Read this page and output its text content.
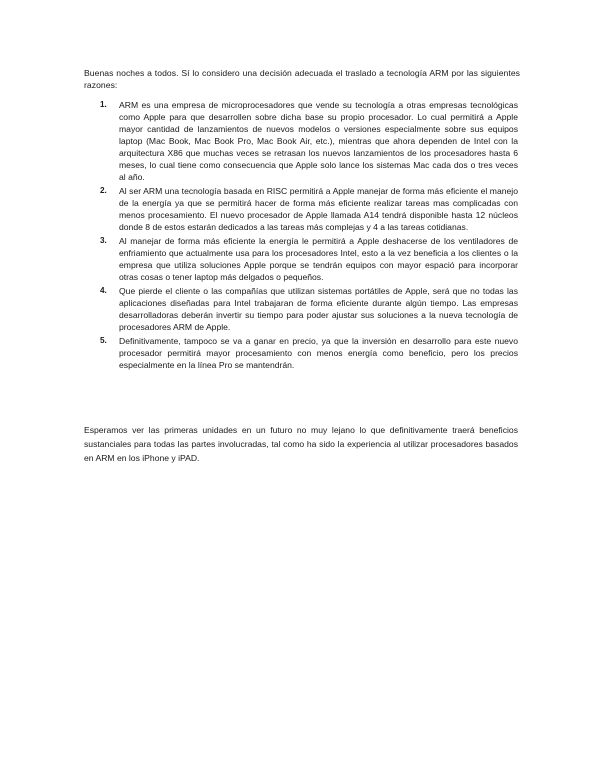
Buenas noches a todos. Sí lo considero una decisión adecuada el traslado a tecnología ARM por las siguientes razones:

1. ARM es una empresa de microprocesadores que vende su tecnología a otras empresas tecnológicas como Apple para que desarrollen sobre dicha base su propio procesador. Lo cual permitirá a Apple mayor cantidad de lanzamientos de nuevos modelos o versiones especialmente sobre sus equipos laptop (Mac Book, Mac Book Pro, Mac Book Air, etc.), mientras que ahora dependen de Intel con la arquitectura X86 que muchas veces se retrasan los nuevos lanzamientos de los procesadores hasta 6 meses, lo cual tiene como consecuencia que Apple solo lance los sistemas Mac cada dos o tres veces al año.
2. Al ser ARM una tecnología basada en RISC permitirá a Apple manejar de forma más eficiente el manejo de la energía ya que se permitirá hacer de forma más eficiente realizar tareas mas complicadas con menos procesamiento. El nuevo procesador de Apple llamada A14 tendrá disponible hasta 12 núcleos donde 8 de estos estarán dedicados a las tareas más complejas y 4 a las tareas cotidianas.
3. Al manejar de forma más eficiente la energía le permitirá a Apple deshacerse de los ventiladores de enfriamiento que actualmente usa para los procesadores Intel, esto a la vez beneficia a los clientes o la empresa que utiliza soluciones Apple porque se tendrán equipos con mayor espació para incorporar otras cosas o tener laptop más delgados o pequeños.
4. Que pierde el cliente o las compañías que utilizan sistemas portátiles de Apple, será que no todas las aplicaciones diseñadas para Intel trabajaran de forma eficiente durante algún tiempo. Las empresas desarrolladoras deberán invertir su tiempo para poder ajustar sus soluciones a la nueva tecnología de procesadores ARM de Apple.
5. Definitivamente, tampoco se va a ganar en precio, ya que la inversión en desarrollo para este nuevo procesador permitirá mayor procesamiento con menos energía como beneficio, pero los precios especialmente en la línea Pro se mantendrán.

Esperamos ver las primeras unidades en un futuro no muy lejano lo que definitivamente traerá beneficios sustanciales para todas las partes involucradas, tal como ha sido la experiencia al utilizar procesadores basados en ARM en los iPhone y iPAD.
